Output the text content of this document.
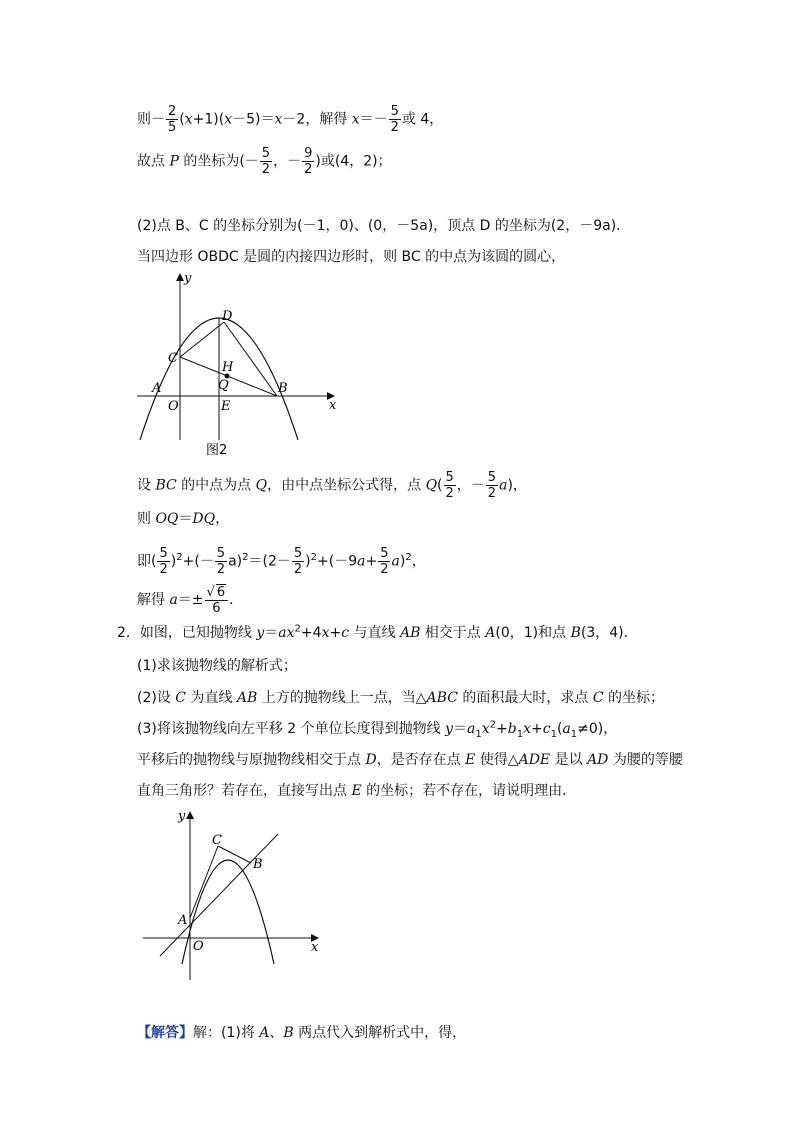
则－ $\frac{2}{5} (x+1)(x-5)=x-2$，解得 $x=- \frac{5}{2}$ 或 4，
故点 P 的坐标为(－ $\frac{5}{2}$ ，－ $\frac{9}{2}$ )或(4，2)；
(2)点 B、C 的坐标分别为(－1，0)、(0，－5a)，顶点 D 的坐标为(2，－9a)．
当四边形 OBDC 是圆的内接四边形时，则 BC 的中点为该圆的圆心，
y
x
D
C
H
Q
A
O	E
B
图2
设 BC 的中点为点 Q，由中点坐标公式得，点 $Q( \frac{5}{2}$ ，－ $\frac{5}{2} a$)，
则 OQ＝DQ，
即( $\frac{5}{2} )^2+(- \frac{5}{2} a)^2=(2- \frac{5}{2} )^2+(-9a+ \frac{5}{2} a)^2$，
解得 $a=\pm \frac{√ 6}{6}$ ．
2．如图，已知抛物线 $y=ax^2+4x+c$ 与直线 AB 相交于点 A(0，1)和点 B(3，4)．
(1)求该抛物线的解析式；
(2)设 C 为直线 AB 上方的抛物线上一点，当△ABC 的面积最大时，求点 C 的坐标；
(3)将该抛物线向左平移 2 个单位长度得到抛物线 $y=a_1x^2+b_1x+c_1(a_1\ne 0)$，
平移后的抛物线与原抛物线相交于点 D，是否存在点 E 使得△ADE 是以 AD 为腰的等腰
直角三角形？若存在，直接写出点 E 的坐标；若不存在，请说明理由．
y
x
C
B
A
O
【解答】解：(1)将 A、B 两点代入到解析式中，得，
